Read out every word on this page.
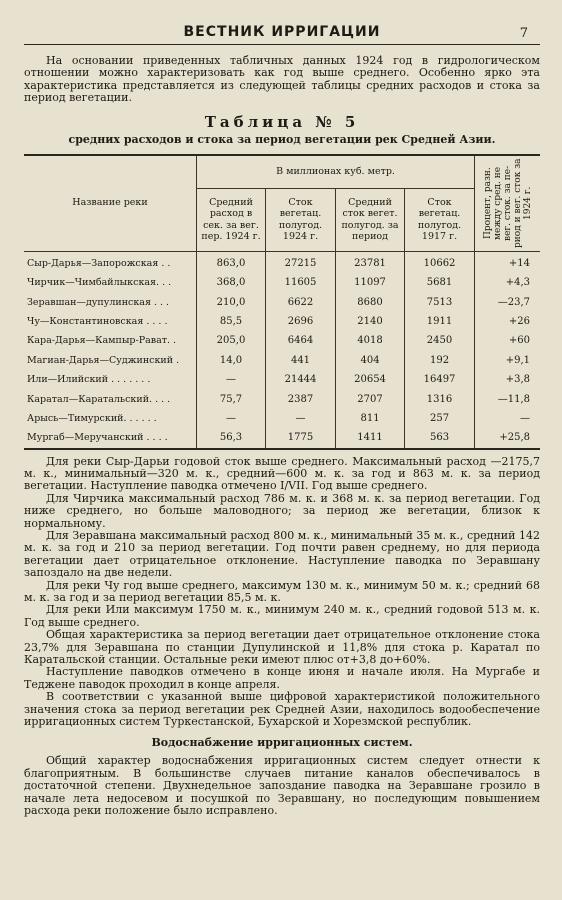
ВЕСТНИК ИРРИГАЦИИ	7

На основании приведенных табличных данных 1924 год в гидрологическом отношении можно характеризовать как год выше среднего. Особенно ярко эта характеристика представляется из следующей таблицы средних расходов и стока за период вегетации.

Таблица № 5
средних расходов и стока за период вегетации рек Средней Азии.
Название реки	В миллионах куб. метр.				Процент, разн. между сред. не вег. сток. за пе- риод и вег. сток за 1924 г.

	Средний расход в сек. за вег. пер. 1924 г.	Сток вегетац. полугод. 1924 г.	Средний сток вегет. полугод. за период	Сток вегетац. полугод. 1917 г.	
Сыр-Дарья—Запорожская . .	863,0	27215	23781	10662	+14
Чирчик—Чимбайлыкская. . .	368,0	11605	11097	5681	+4,3
Зеравшан—дупулинская . . .	210,0	6622	8680	7513	—23,7
Чу—Константиновская . . . .	85,5	2696	2140	1911	+26
Кара-Дарья—Кампыр-Рават. .	205,0	6464	4018	2450	+60
Магиан-Дарья—Суджинский .	14,0	441	404	192	+9,1
Или—Илийский . . . . . . .	—	21444	20654	16497	+3,8
Каратал—Каратальский. . . .	75,7	2387	2707	1316	—11,8
Арысь—Тимурский. . . . . .	—	—	811	257	—
Мургаб—Меручанский . . . .	56,3	1775	1411	563	+25,8

Для реки Сыр-Дарьи годовой сток выше среднего. Максимальный расход —2175,7 м. к., минимальный—320 м. к., средний—600 м. к. за год и 863 м. к. за период вегетации. Наступление паводка отмечено I/VII. Год выше среднего.

Для Чирчика максимальный расход 786 м. к. и 368 м. к. за период вегетации. Год ниже среднего, но больше маловодного; за период же вегетации, близок к нормальному.

Для Зеравшана максимальный расход 800 м. к., минимальный 35 м. к., средний 142 м. к. за год и 210 за период вегетации. Год почти равен среднему, но для периода вегетации дает отрицательное отклонение. Наступление паводка по Зеравшану запоздало на две недели.

Для реки Чу год выше среднего, максимум 130 м. к., минимум 50 м. к.; средний 68 м. к. за год и за период вегетации 85,5 м. к.

Для реки Или максимум 1750 м. к., минимум 240 м. к., средний годовой 513 м. к. Год выше среднего.

Общая характеристика за период вегетации дает отрицательное отклонение стока 23,7% для Зеравшана по станции Дупулинской и 11,8% для стока р. Каратал по Каратальской станции. Остальные реки имеют плюс от+3,8 до+60%.

Наступление паводков отмечено в конце июня и начале июля. На Мургабе и Теджене паводок проходил в конце апреля.

В соответствии с указанной выше цифровой характеристикой положительного значения стока за период вегетации рек Средней Азии, находилось водообеспечение ирригационных систем Туркестанской, Бухарской и Хорезмской республик.

Водоснабжение ирригационных систем.

Общий характер водоснабжения ирригационных систем следует отнести к благоприятным. В большинстве случаев питание каналов обеспечивалось в достаточной степени. Двухнедельное запоздание паводка на Зеравшане грозило в начале лета недосевом и посушкой по Зеравшану, но последующим повышением расхода реки положение было исправлено.
